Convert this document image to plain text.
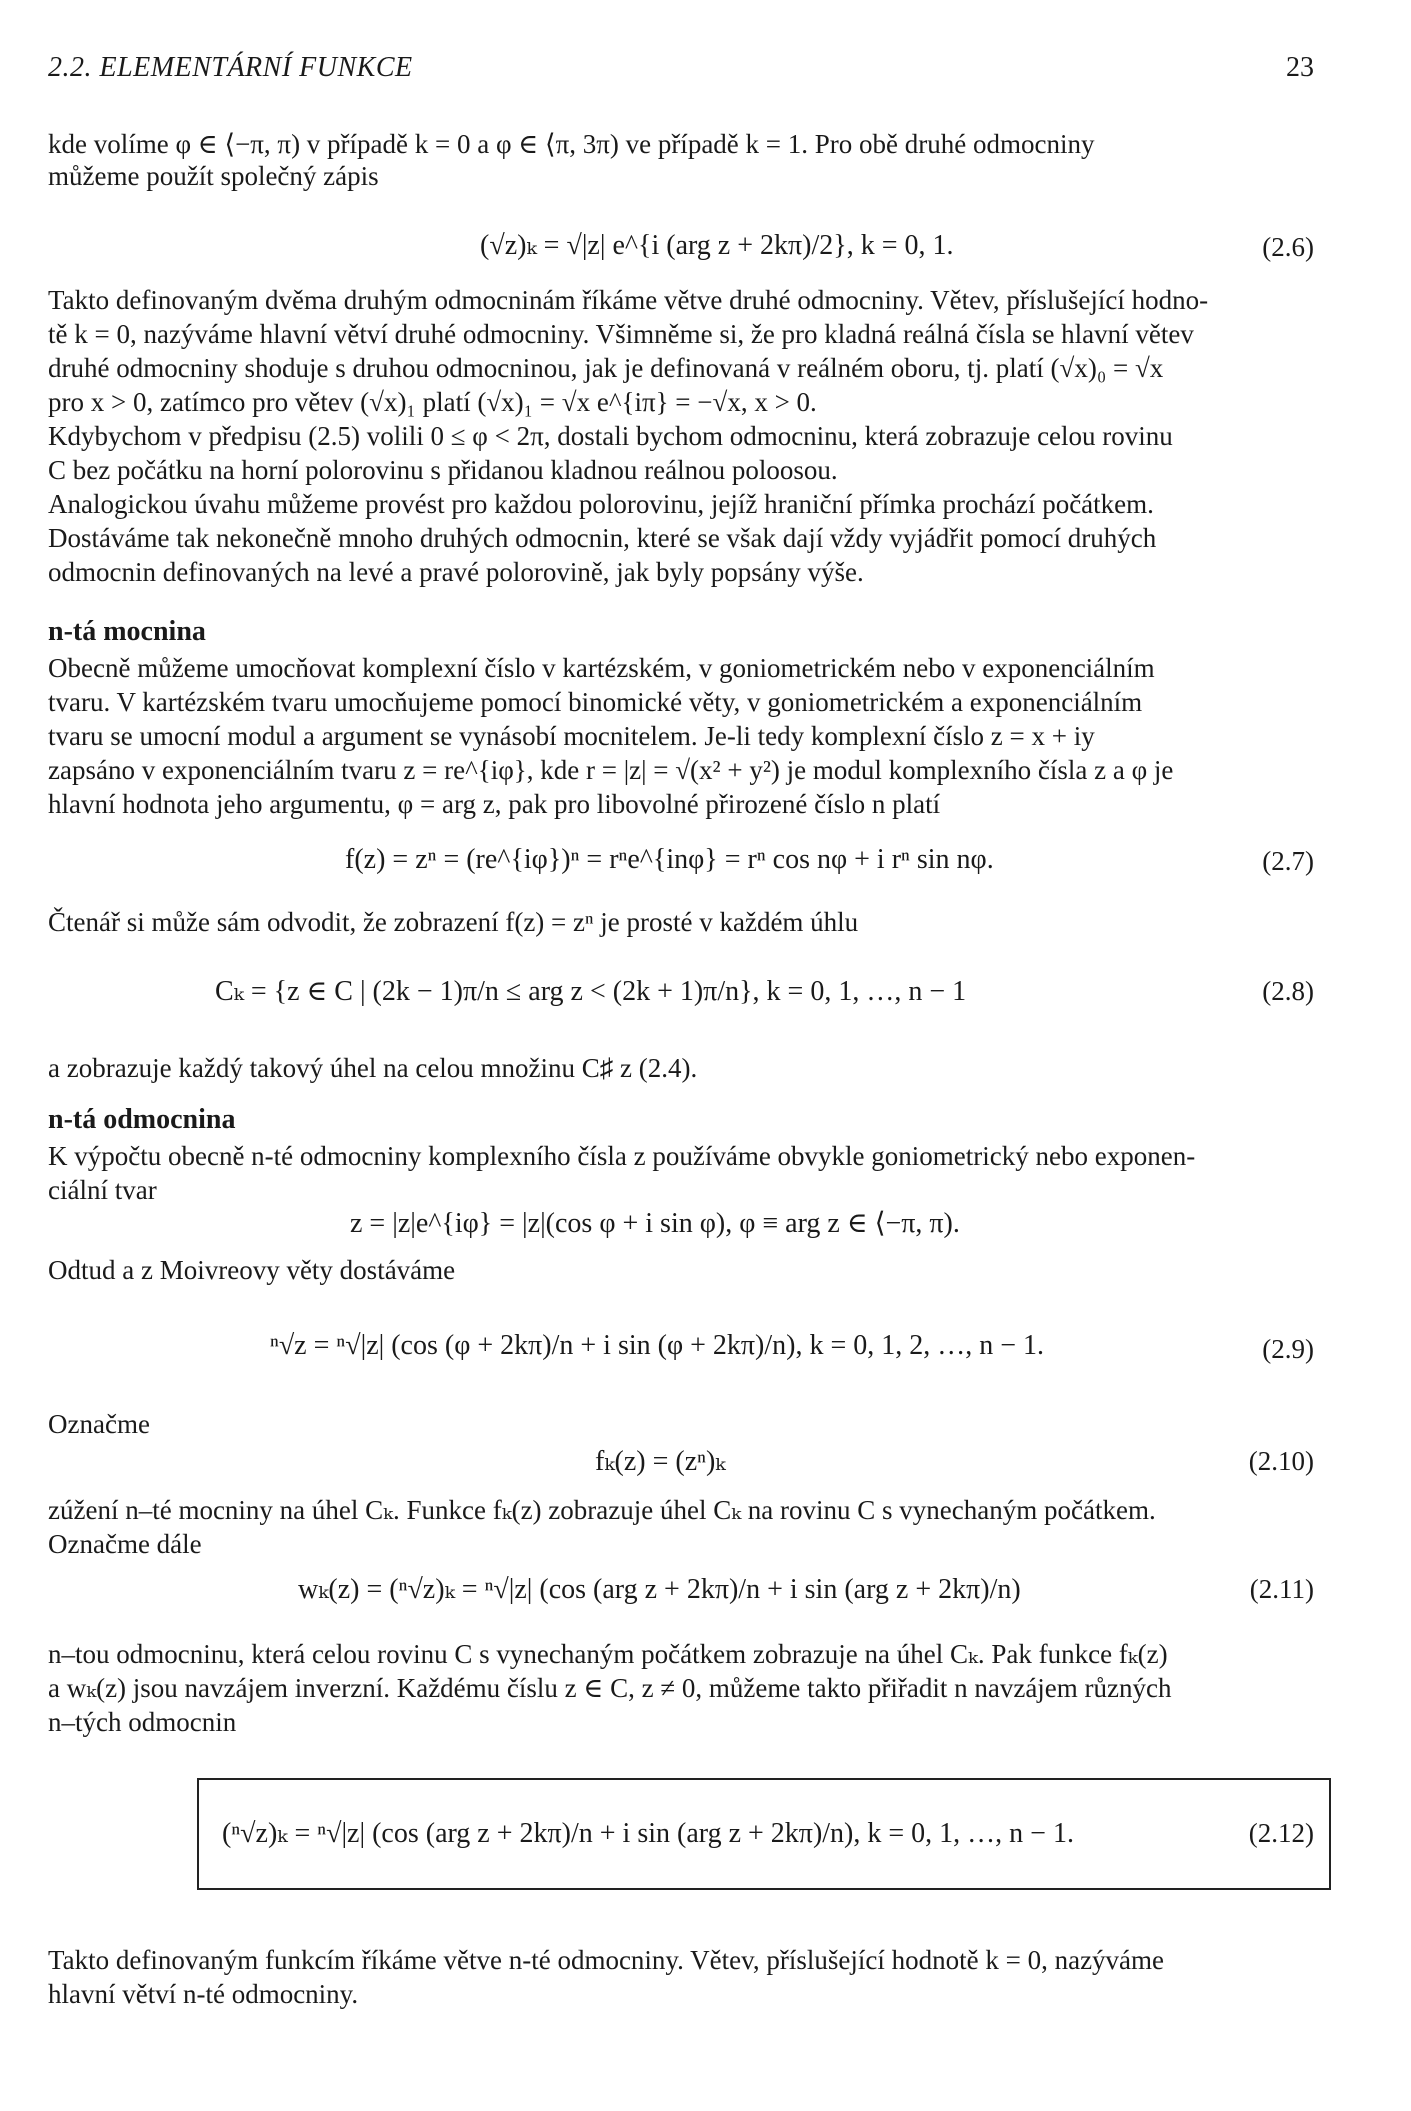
2.2. ELEMENTÁRNÍ FUNKCE	23
kde volíme φ ∈ ⟨−π, π) v případě k = 0 a φ ∈ ⟨π, 3π) ve případě k = 1. Pro obě druhé odmocniny
můžeme použít společný zápis
(√z)ₖ = √|z| e^{i (arg z + 2kπ)/2}, k = 0, 1.	(2.6)
Takto definovaným dvěma druhým odmocninám říkáme větve druhé odmocniny. Větev, příslušející hodno-
tě k = 0, nazýváme hlavní větví druhé odmocniny. Všimněme si, že pro kladná reálná čísla se hlavní větev
druhé odmocniny shoduje s druhou odmocninou, jak je definovaná v reálném oboru, tj. platí (√x)₀ = √x
pro x > 0, zatímco pro větev (√x)₁ platí (√x)₁ = √x e^{iπ} = −√x, x > 0.
Kdybychom v předpisu (2.5) volili 0 ≤ φ < 2π, dostali bychom odmocninu, která zobrazuje celou rovinu
C bez počátku na horní polorovinu s přidanou kladnou reálnou poloosou.
Analogickou úvahu můžeme provést pro každou polorovinu, jejíž hraniční přímka prochází počátkem.
Dostáváme tak nekonečně mnoho druhých odmocnin, které se však dají vždy vyjádřit pomocí druhých
odmocnin definovaných na levé a pravé polorovině, jak byly popsány výše.
n-tá mocnina
Obecně můžeme umocňovat komplexní číslo v kartézském, v goniometrickém nebo v exponenciálním
tvaru. V kartézském tvaru umocňujeme pomocí binomické věty, v goniometrickém a exponenciálním
tvaru se umocní modul a argument se vynásobí mocnitelem. Je-li tedy komplexní číslo z = x + iy
zapsáno v exponenciálním tvaru z = re^{iφ}, kde r = |z| = √(x² + y²) je modul komplexního čísla z a φ je
hlavní hodnota jeho argumentu, φ = arg z, pak pro libovolné přirozené číslo n platí
f(z) = zⁿ = (re^{iφ})ⁿ = rⁿe^{inφ} = rⁿ cos nφ + i rⁿ sin nφ.	(2.7)
Čtenář si může sám odvodit, že zobrazení f(z) = zⁿ je prosté v každém úhlu
Cₖ = {z ∈ C | (2k − 1)π/n ≤ arg z < (2k + 1)π/n}, k = 0, 1, …, n − 1	(2.8)
a zobrazuje každý takový úhel na celou množinu C♯ z (2.4).
n-tá odmocnina
K výpočtu obecně n-té odmocniny komplexního čísla z používáme obvykle goniometrický nebo exponen-
ciální tvar
z = |z|e^{iφ} = |z|(cos φ + i sin φ), φ ≡ arg z ∈ ⟨−π, π).
Odtud a z Moivreovy věty dostáváme
ⁿ√z = ⁿ√|z| (cos (φ + 2kπ)/n + i sin (φ + 2kπ)/n), k = 0, 1, 2, …, n − 1.	(2.9)
Označme
fₖ(z) = (zⁿ)ₖ	(2.10)
zúžení n–té mocniny na úhel Cₖ. Funkce fₖ(z) zobrazuje úhel Cₖ na rovinu C s vynechaným počátkem.
Označme dále
wₖ(z) = (ⁿ√z)ₖ = ⁿ√|z| (cos (arg z + 2kπ)/n + i sin (arg z + 2kπ)/n)	(2.11)
n–tou odmocninu, která celou rovinu C s vynechaným počátkem zobrazuje na úhel Cₖ. Pak funkce fₖ(z)
a wₖ(z) jsou navzájem inverzní. Každému číslu z ∈ C, z ≠ 0, můžeme takto přiřadit n navzájem různých
n–tých odmocnin
(ⁿ√z)ₖ = ⁿ√|z| (cos (arg z + 2kπ)/n + i sin (arg z + 2kπ)/n), k = 0, 1, …, n − 1.	(2.12)
Takto definovaným funkcím říkáme větve n-té odmocniny. Větev, příslušející hodnotě k = 0, nazýváme
hlavní větví n-té odmocniny.
